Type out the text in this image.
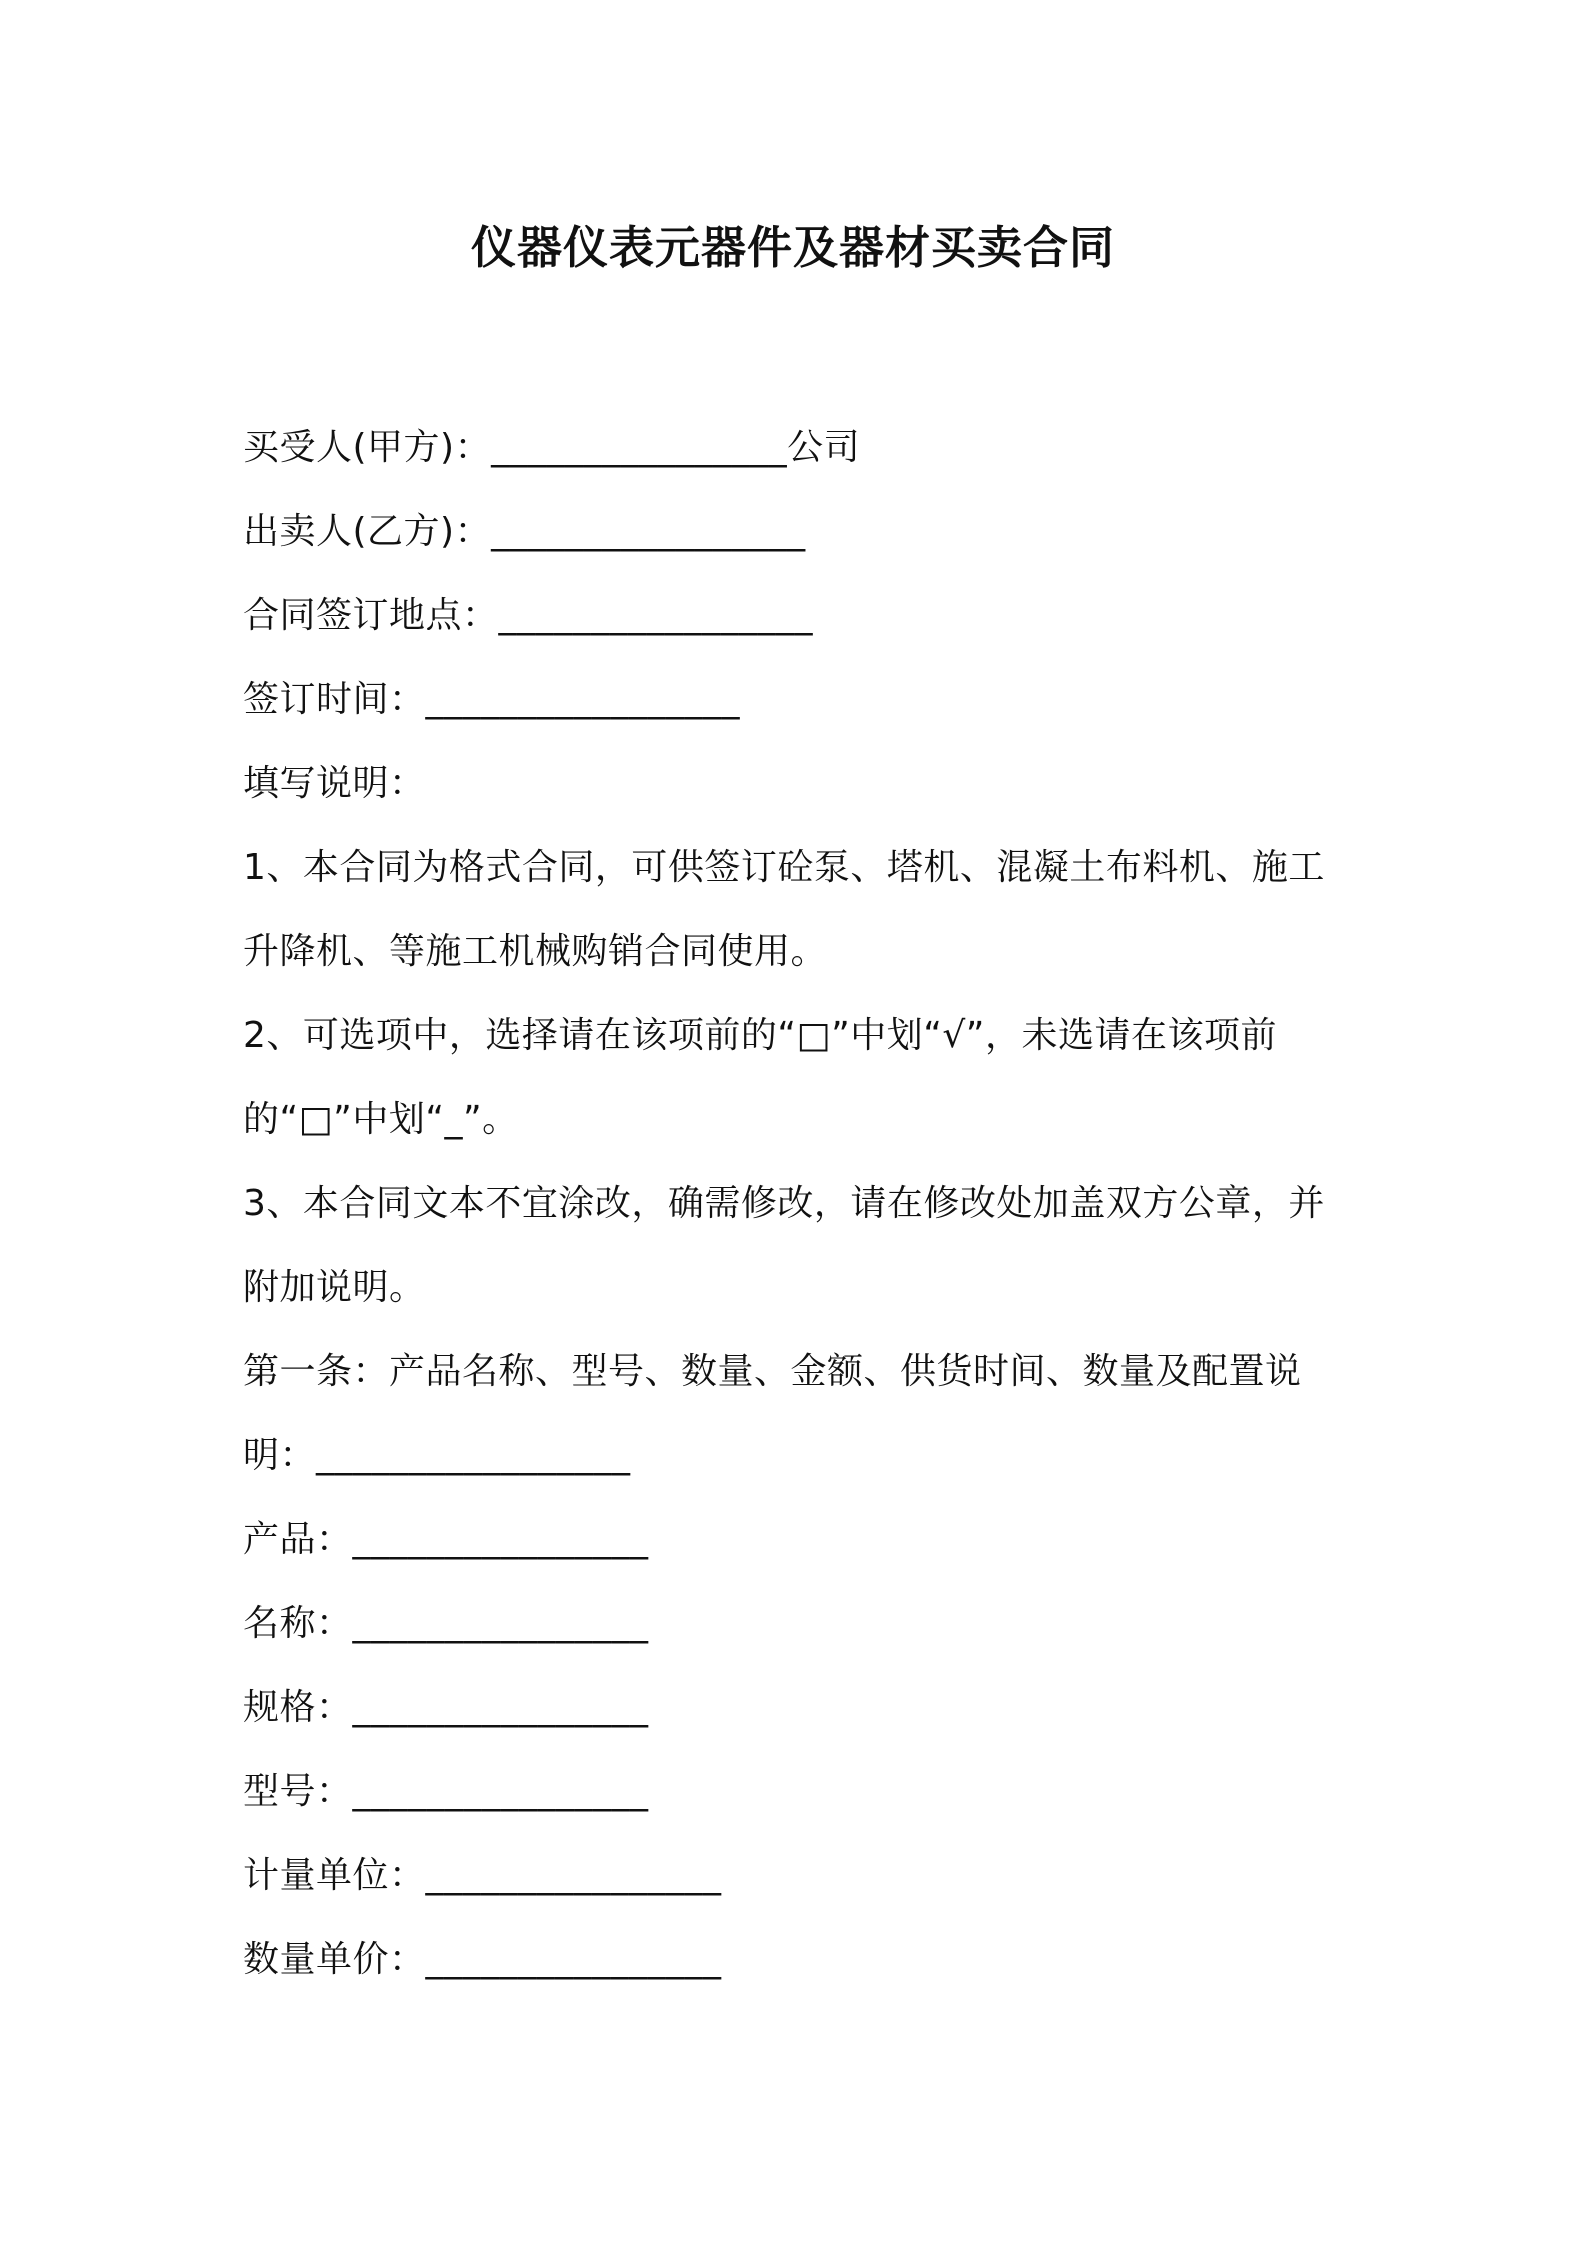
仪器仪表元器件及器材买卖合同
买受人(甲方)：________________公司
出卖人(乙方)：_________________
合同签订地点：_________________
签订时间：_________________
填写说明：
1、本合同为格式合同，可供签订砼泵、塔机、混凝土布料机、施工
升降机、等施工机械购销合同使用。
2、可选项中，选择请在该项前的“□”中划“√”，未选请在该项前
的“□”中划“_”。
3、本合同文本不宜涂改，确需修改，请在修改处加盖双方公章，并
附加说明。
第一条：产品名称、型号、数量、金额、供货时间、数量及配置说
明：_________________
产品：________________
名称：________________
规格：________________
型号：________________
计量单位：________________
数量单价：________________
